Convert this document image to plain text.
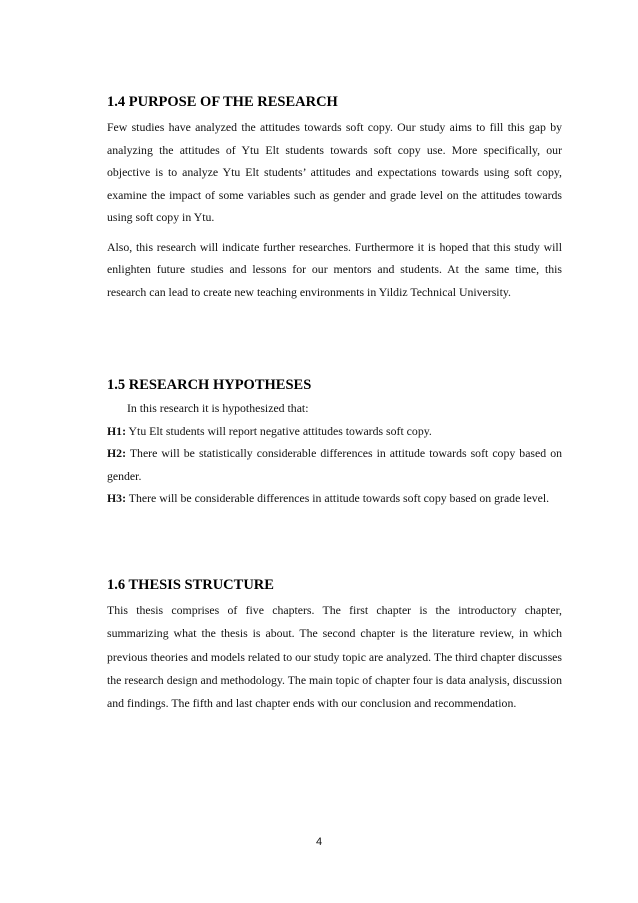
1.4 PURPOSE OF THE RESEARCH

Few studies have analyzed the attitudes towards soft copy. Our study aims to fill this gap by analyzing the attitudes of Ytu Elt students towards soft copy use. More specifically, our objective is to analyze Ytu Elt students’ attitudes and expectations towards using soft copy, examine the impact of some variables such as gender and grade level on the attitudes towards using soft copy in Ytu.

Also, this research will indicate further researches. Furthermore it is hoped that this study will enlighten future studies and lessons for our mentors and students. At the same time, this research can lead to create new teaching environments in Yildiz Technical University.

1.5 RESEARCH HYPOTHESES

In this research it is hypothesized that:

H1: Ytu Elt students will report negative attitudes towards soft copy.

H2: There will be statistically considerable differences in attitude towards soft copy based on gender.

H3: There will be considerable differences in attitude towards soft copy based on grade level.

1.6 THESIS STRUCTURE

This thesis comprises of five chapters. The first chapter is the introductory chapter, summarizing what the thesis is about. The second chapter is the literature review, in which previous theories and models related to our study topic are analyzed. The third chapter discusses the research design and methodology. The main topic of chapter four is data analysis, discussion and findings. The fifth and last chapter ends with our conclusion and recommendation.

4
